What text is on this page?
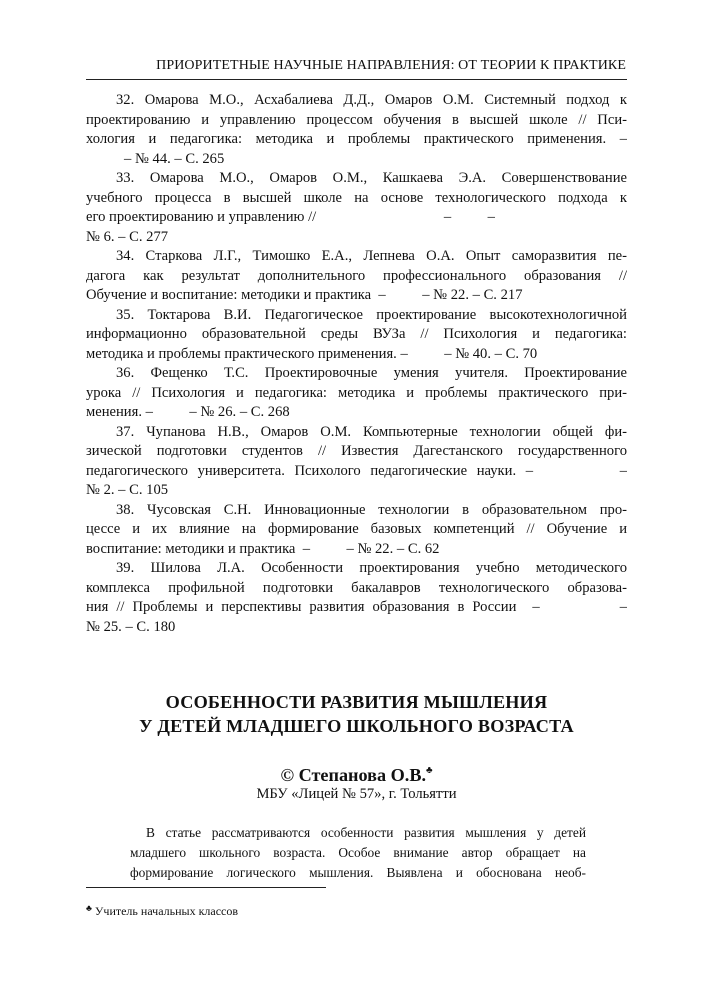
ПРИОРИТЕТНЫЕ НАУЧНЫЕ НАПРАВЛЕНИЯ: ОТ ТЕОРИИ К ПРАКТИКЕ
32. Омарова М.О., Асхабалиева Д.Д., Омаров О.М. Системный подход к
проектированию и управлению процессом обучения в высшей школе // Пси-
хология и педагогика: методика и проблемы практического применения. –
– № 44. – С. 265
33. Омарова М.О., Омаров О.М., Кашкаева Э.А. Совершенствование
учебного процесса в высшей школе на основе технологического подхода к
его проектированию и управлению //                                   –          –
№ 6. – С. 277
34. Старкова Л.Г., Тимошко Е.А., Лепнева О.А. Опыт саморазвития пе-
дагога как результат дополнительного профессионального образования //
Обучение и воспитание: методики и практика  –          – № 22. – С. 217
35. Токтарова В.И. Педагогическое проектирование высокотехнологичной
информационно образовательной среды ВУЗа // Психология и педагогика:
методика и проблемы практического применения. –          – № 40. – С. 70
36. Фещенко Т.С. Проектировочные умения учителя. Проектирование
урока // Психология и педагогика: методика и проблемы практического при-
менения. –          – № 26. – С. 268
37. Чупанова Н.В., Омаров О.М. Компьютерные технологии общей фи-
зической подготовки студентов // Известия Дагестанского государственного
педагогического университета. Психолого педагогические науки. –         –
№ 2. – С. 105
38. Чусовская С.Н. Инновационные технологии в образовательном про-
цессе и их влияние на формирование базовых компетенций // Обучение и
воспитание: методики и практика  –          – № 22. – С. 62
39. Шилова Л.А. Особенности проектирования учебно методического
комплекса профильной подготовки бакалавров технологического образова-
ния // Проблемы и перспективы развития образования в России  –          –
№ 25. – С. 180
ОСОБЕННОСТИ РАЗВИТИЯ МЫШЛЕНИЯ
У ДЕТЕЙ МЛАДШЕГО ШКОЛЬНОГО ВОЗРАСТА
© Степанова О.В.♣
МБУ «Лицей № 57», г. Тольятти
В статье рассматриваются особенности развития мышления у детей
младшего школьного возраста. Особое внимание автор обращает на
формирование логического мышления. Выявлена и обоснована необ-
♣ Учитель начальных классов
